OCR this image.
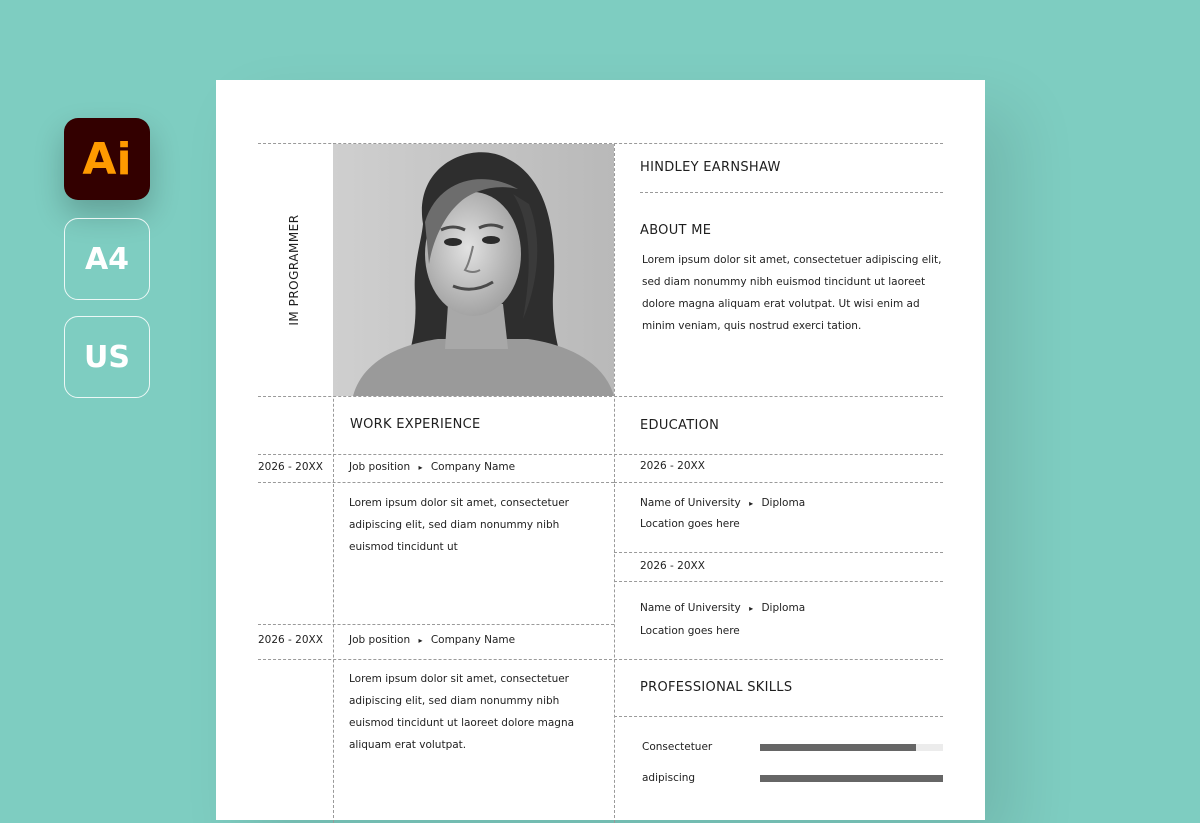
Ai
A4
US
IM PROGRAMMER
HINDLEY EARNSHAW
ABOUT ME
Lorem ipsum dolor sit amet, consectetuer adipiscing elit,
sed diam nonummy nibh euismod tincidunt ut laoreet
dolore magna aliquam erat volutpat. Ut wisi enim ad
minim veniam, quis nostrud exerci tation.
WORK EXPERIENCE
2026 - 20XX Job position ▸ Company Name
Lorem ipsum dolor sit amet, consectetuer
adipiscing elit, sed diam nonummy nibh
euismod tincidunt ut
2026 - 20XX Job position ▸ Company Name
Lorem ipsum dolor sit amet, consectetuer
adipiscing elit, sed diam nonummy nibh
euismod tincidunt ut laoreet dolore magna
aliquam erat volutpat.
EDUCATION
2026 - 20XX
Name of University ▸ Diploma
Location goes here
2026 - 20XX
Name of University ▸ Diploma
Location goes here
PROFESSIONAL SKILLS
Consectetuer
adipiscing
